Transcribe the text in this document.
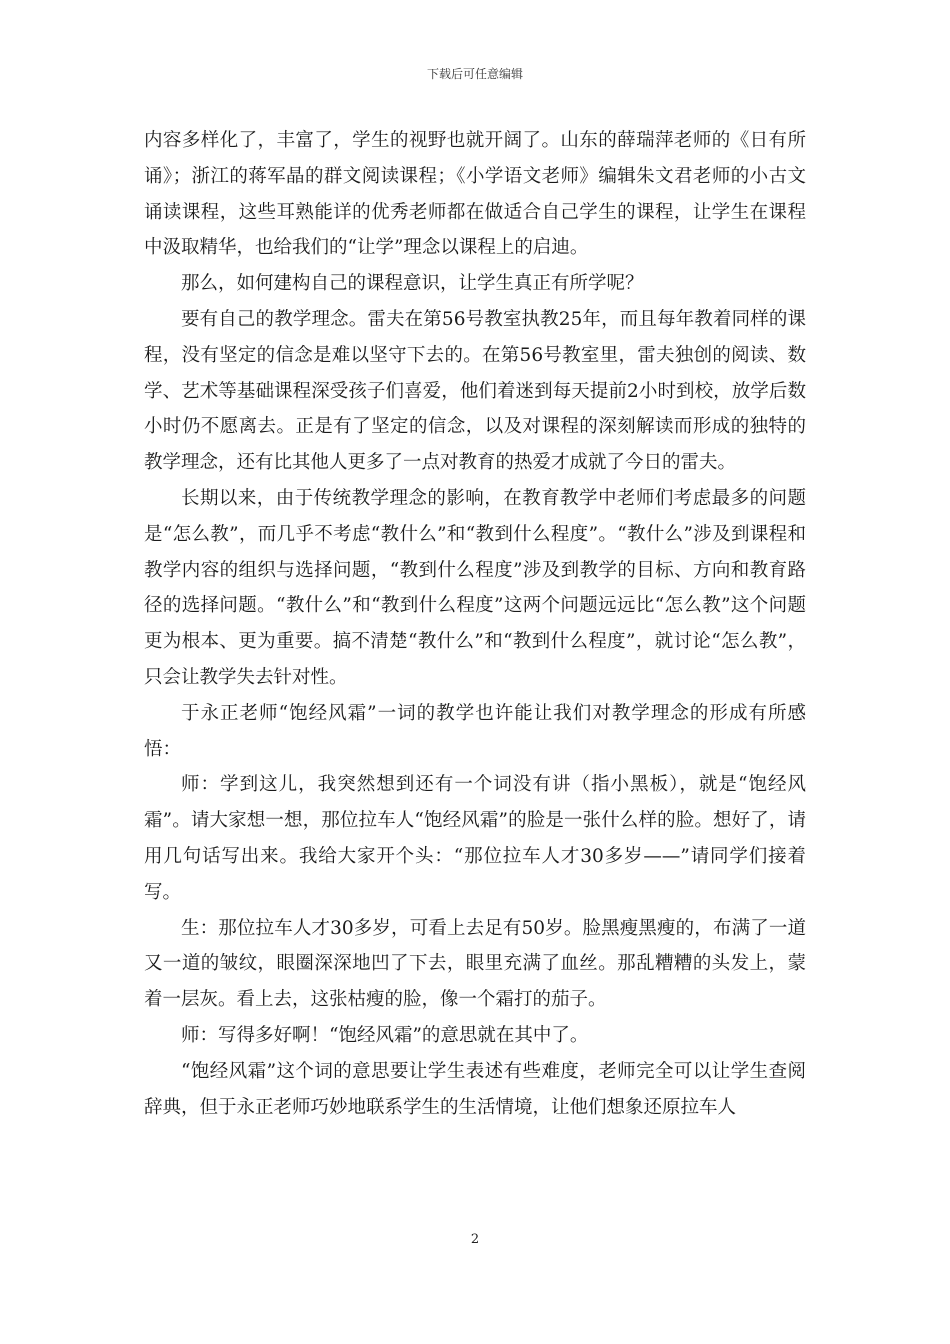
下载后可任意编辑

内容多样化了，丰富了，学生的视野也就开阔了。山东的薛瑞萍老师的《日有所诵》；浙江的蒋军晶的群文阅读课程；《小学语文老师》编辑朱文君老师的小古文诵读课程，这些耳熟能详的优秀老师都在做适合自己学生的课程，让学生在课程中汲取精华，也给我们的“让学”理念以课程上的启迪。

那么，如何建构自己的课程意识，让学生真正有所学呢？

要有自己的教学理念。雷夫在第56号教室执教25年，而且每年教着同样的课程，没有坚定的信念是难以坚守下去的。在第56号教室里，雷夫独创的阅读、数学、艺术等基础课程深受孩子们喜爱，他们着迷到每天提前2小时到校，放学后数小时仍不愿离去。正是有了坚定的信念，以及对课程的深刻解读而形成的独特的教学理念，还有比其他人更多了一点对教育的热爱才成就了今日的雷夫。

长期以来，由于传统教学理念的影响，在教育教学中老师们考虑最多的问题是“怎么教”，而几乎不考虑“教什么”和“教到什么程度”。“教什么”涉及到课程和教学内容的组织与选择问题，“教到什么程度”涉及到教学的目标、方向和教育路径的选择问题。“教什么”和“教到什么程度”这两个问题远远比“怎么教”这个问题更为根本、更为重要。搞不清楚“教什么”和“教到什么程度”，就讨论“怎么教”，只会让教学失去针对性。

于永正老师“饱经风霜”一词的教学也许能让我们对教学理念的形成有所感悟：

师：学到这儿，我突然想到还有一个词没有讲（指小黑板），就是“饱经风霜”。请大家想一想，那位拉车人“饱经风霜”的脸是一张什么样的脸。想好了，请用几句话写出来。我给大家开个头：“那位拉车人才30多岁——”请同学们接着写。

生：那位拉车人才30多岁，可看上去足有50岁。脸黑瘦黑瘦的，布满了一道又一道的皱纹，眼圈深深地凹了下去，眼里充满了血丝。那乱糟糟的头发上，蒙着一层灰。看上去，这张枯瘦的脸，像一个霜打的茄子。

师：写得多好啊！“饱经风霜”的意思就在其中了。

“饱经风霜”这个词的意思要让学生表述有些难度，老师完全可以让学生查阅辞典，但于永正老师巧妙地联系学生的生活情境，让他们想象还原拉车人

2
